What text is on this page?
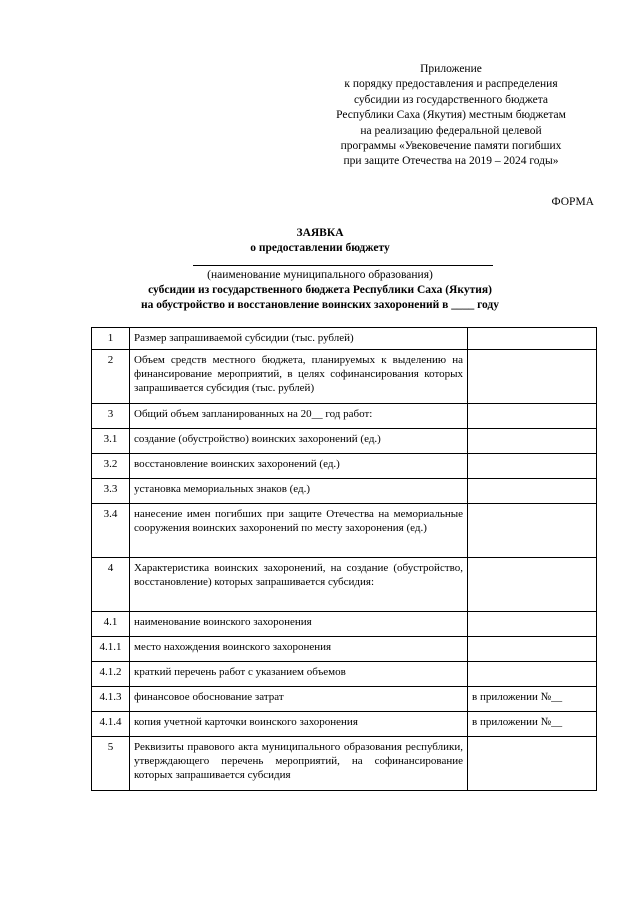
Приложение
к порядку предоставления и распределения
субсидии из государственного бюджета
Республики Саха (Якутия) местным бюджетам
на реализацию федеральной целевой
программы «Увековечение памяти погибших
при защите Отечества на 2019 – 2024 годы»
ФОРМА
ЗАЯВКА
о предоставлении бюджету
(наименование муниципального образования)
субсидии из государственного бюджета Республики Саха (Якутия)
на обустройство и восстановление воинских захоронений в ____ году
1	Размер запрашиваемой субсидии (тыс. рублей)	
2	Объем средств местного бюджета, планируемых к выделению на финансирование мероприятий, в целях софинансирования которых запрашивается субсидия (тыс. рублей)	
3	Общий объем запланированных на 20__ год работ:	
3.1	создание (обустройство) воинских захоронений (ед.)	
3.2	восстановление воинских захоронений (ед.)	
3.3	установка мемориальных знаков (ед.)	
3.4	нанесение имен погибших при защите Отечества на мемориальные сооружения воинских захоронений по месту захоронения (ед.)	
4	Характеристика воинских захоронений, на создание (обустройство, восстановление) которых запрашивается субсидия:	
4.1	наименование воинского захоронения	
4.1.1	место нахождения воинского захоронения	
4.1.2	краткий перечень работ с указанием объемов	
4.1.3	финансовое обоснование затрат	в приложении №__
4.1.4	копия учетной карточки воинского захоронения	в приложении №__
5	Реквизиты правового акта муниципального образования республики, утверждающего перечень мероприятий, на софинансирование которых запрашивается субсидия	
